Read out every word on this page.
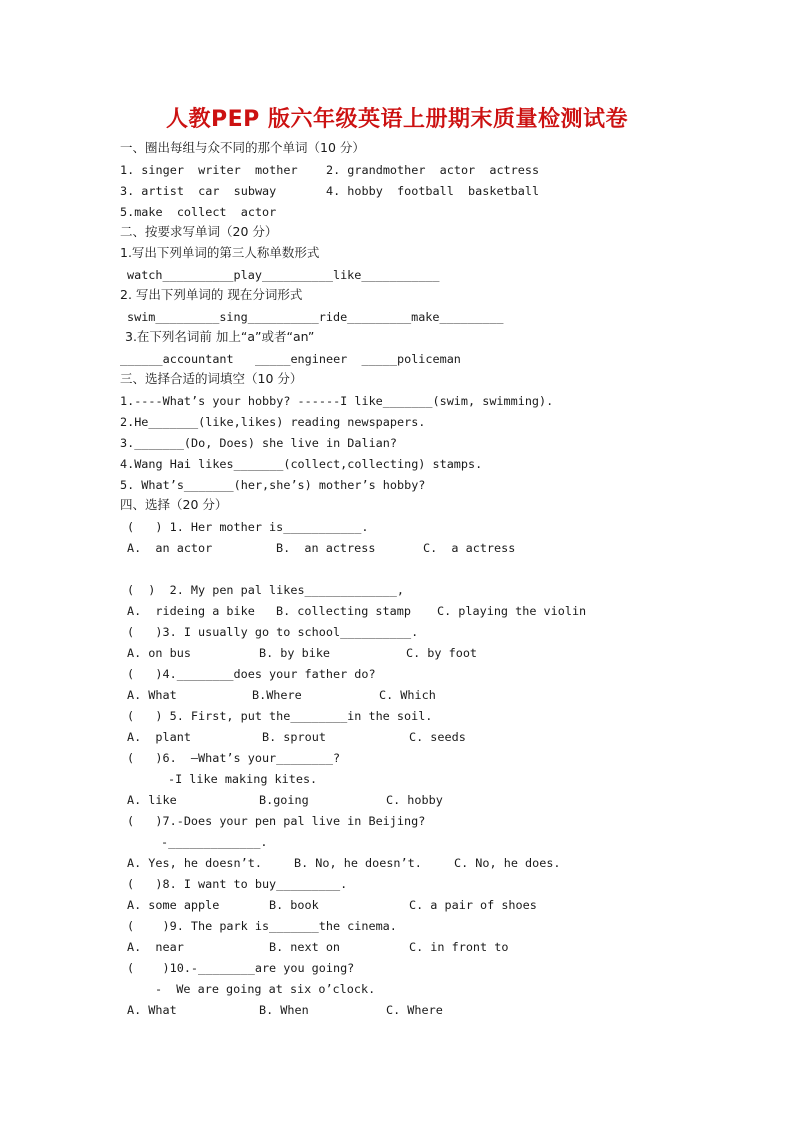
人教PEP 版六年级英语上册期末质量检测试卷
一、圈出每组与众不同的那个单词（10 分）
1. singer  writer  mother 2. grandmother  actor  actress
3. artist  car  subway	4. hobby  football  basketball
5.make  collect  actor
二、按要求写单词（20 分）
1.写出下列单词的第三人称单数形式
watch__________play__________like___________
2. 写出下列单词的 现在分词形式
swim_________sing__________ride_________make_________
3.在下列名词前 加上“a”或者“an”
______accountant   _____engineer  _____policeman
三、选择合适的词填空（10 分）
1.----What’s your hobby? ------I like_______(swim, swimming).
2.He_______(like,likes) reading newspapers.
3._______(Do, Does) she live in Dalian?
4.Wang Hai likes_______(collect,collecting) stamps.
5. What’s_______(her,she’s) mother’s hobby?
四、选择（20 分）
(   ) 1. Her mother is___________.
A.  an actor	B.  an actress	C.  a actress
(  )  2. My pen pal likes_____________,
A.  rideing a bike B. collecting stamp C. playing the violin
(   )3. I usually go to school__________.
A. on bus	B. by bike	C. by foot
(   )4.________does your father do?
A. What	B.Where	C. Which
(   ) 5. First, put the________in the soil.
A.  plant	B. sprout	C. seeds
(   )6.  –What’s your________?
-I like making kites.
A. like	B.going	C. hobby
(   )7.-Does your pen pal live in Beijing?
-_____________.
A. Yes, he doesn’t.	B. No, he doesn’t.	C. No, he does.
(   )8. I want to buy_________.
A. some apple	B. book	C. a pair of shoes
(    )9. The park is_______the cinema.
A.  near	B. next on	C. in front to
(    )10.-________are you going?
-  We are going at six o’clock.
A. What	B. When	C. Where
